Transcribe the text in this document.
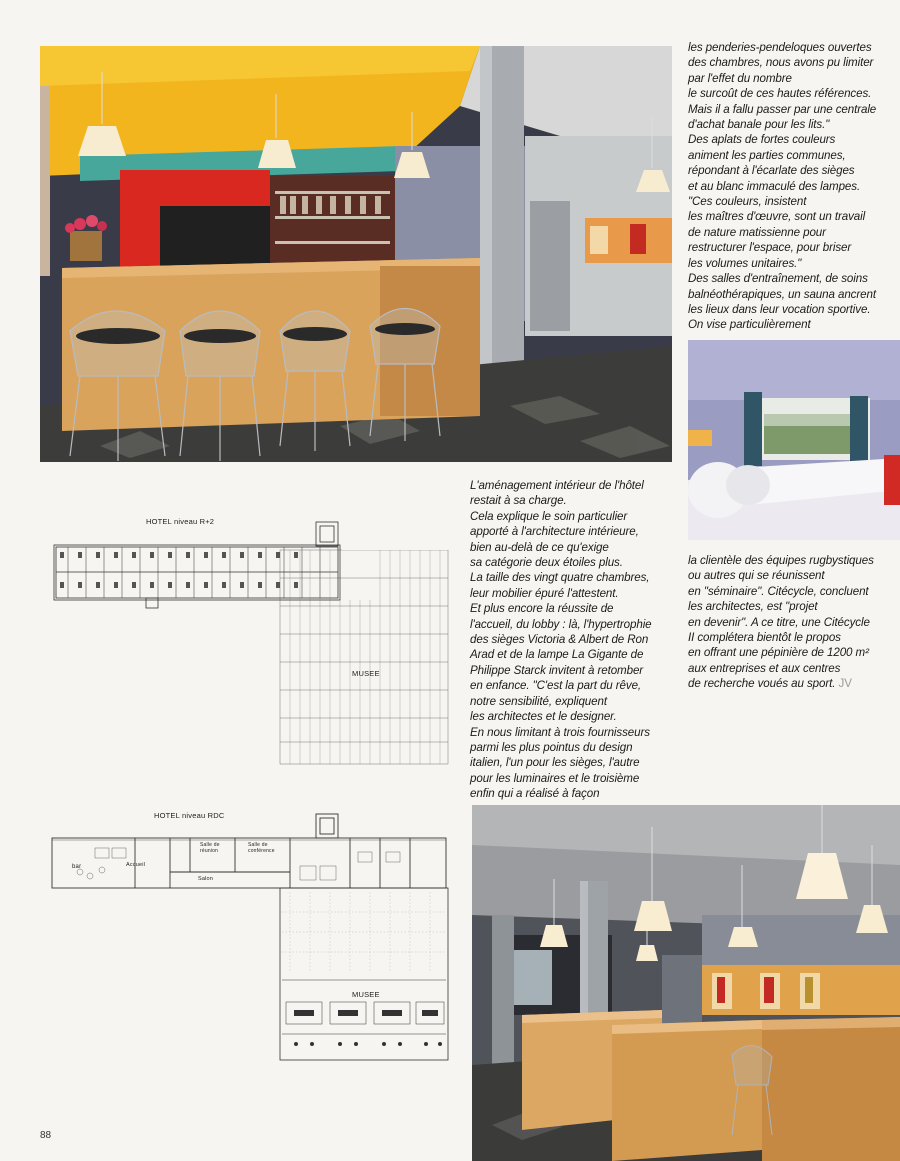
les penderies-pendeloques ouvertes
des chambres, nous avons pu limiter
par l'effet du nombre
le surcoût de ces hautes références.
Mais il a fallu passer par une centrale
d'achat banale pour les lits."
Des aplats de fortes couleurs
animent les parties communes,
répondant à l'écarlate des sièges
et au blanc immaculé des lampes.
"Ces couleurs, insistent
les maîtres d'œuvre, sont un travail
de nature matissienne pour
restructurer l'espace, pour briser
les volumes unitaires."
Des salles d'entraînement, de soins
balnéothérapiques, un sauna ancrent
les lieux dans leur vocation sportive.
On vise particulièrement
L'aménagement intérieur de l'hôtel
restait à sa charge.
Cela explique le soin particulier
apporté à l'architecture intérieure,
bien au-delà de ce qu'exige
sa catégorie deux étoiles plus.
La taille des vingt quatre chambres,
leur mobilier épuré l'attestent.
Et plus encore la réussite de
l'accueil, du lobby : là, l'hypertrophie
des sièges Victoria & Albert de Ron
Arad et de la lampe La Gigante de
Philippe Starck invitent à retomber
en enfance. "C'est la part du rêve,
notre sensibilité, expliquent
les architectes et le designer.
En nous limitant à trois fournisseurs
parmi les plus pointus du design
italien, l'un pour les sièges, l'autre
pour les luminaires et le troisième
enfin qui a réalisé à façon
la clientèle des équipes rugbystiques
ou autres qui se réunissent
en "séminaire". Citécycle, concluent
les architectes, est "projet
en devenir". A ce titre, une Citécycle
II complétera bientôt le propos
en offrant une pépinière de 1200 m²
aux entreprises et aux centres
de recherche voués au sport. JV
HOTEL niveau R+2
MUSEE
HOTEL niveau RDC
bar	Accueil
Salle de réunion
Salle de conférence
Salon
MUSEE
88
